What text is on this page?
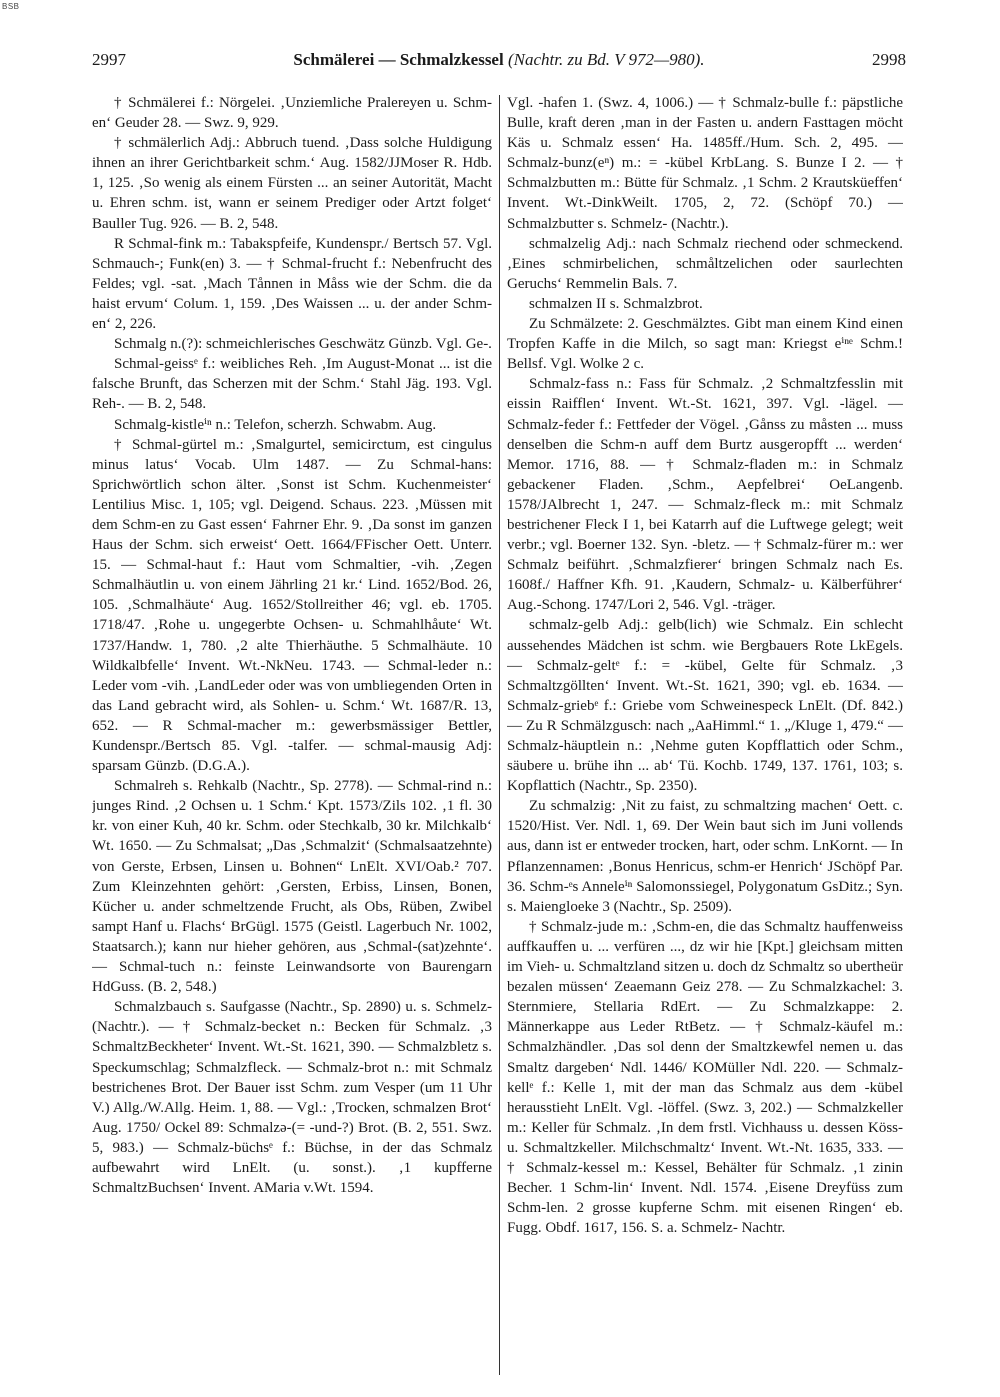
BSB
2997	Schmälerei — Schmalzkessel (Nachtr. zu Bd. V 972—980).	2998

† Schmälerei f.: Nörgelei. ‚Unziemliche Pralereyen u. Schm-en‘ Geuder 28. — Swz. 9, 929.

† schmälerlich Adj.: Abbruch tuend. ‚Dass solche Huldigung ihnen an ihrer Gerichtbarkeit schm.‘ Aug. 1582/JJMoser R. Hdb. 1, 125. ‚So wenig als einem Fürsten ... an seiner Autorität, Macht u. Ehren schm. ist, wann er seinem Prediger oder Artzt folget‘ Bauller Tug. 926. — B. 2, 548.

R Schmal-fink m.: Tabakspfeife, Kundenspr./ Bertsch 57. Vgl. Schmauch-; Funk(en) 3. — † Schmal-frucht f.: Nebenfrucht des Feldes; vgl. -sat. ‚Mach Tånnen in Måss wie der Schm. die da haist ervum‘ Colum. 1, 159. ‚Des Waissen ... u. der ander Schm-en‘ 2, 226.

Schmalg n.(?): schmeichlerisches Geschwätz Günzb. Vgl. Ge-.

Schmal-geissᵉ f.: weibliches Reh. ‚Im August-Monat ... ist die falsche Brunft, das Scherzen mit der Schm.‘ Stahl Jäg. 193. Vgl. Reh-. — B. 2, 548.

Schmalg-kistleⁱⁿ n.: Telefon, scherzh. Schwabm. Aug.

† Schmal-gürtel m.: ‚Smalgurtel, semicirctum, est cingulus minus latus‘ Vocab. Ulm 1487. — Zu Schmal-hans: Sprichwörtlich schon älter. ‚Sonst ist Schm. Kuchenmeister‘ Lentilius Misc. 1, 105; vgl. Deigend. Schaus. 223. ‚Müssen mit dem Schm-en zu Gast essen‘ Fahrner Ehr. 9. ‚Da sonst im ganzen Haus der Schm. sich erweist‘ Oett. 1664/FFischer Oett. Unterr. 15. — Schmal-haut f.: Haut vom Schmaltier, -vih. ‚Zegen Schmalhäutlin u. von einem Jährling 21 kr.‘ Lind. 1652/Bod. 26, 105. ‚Schmalhäute‘ Aug. 1652/Stollreither 46; vgl. eb. 1705. 1718/47. ‚Rohe u. ungegerbte Ochsen- u. Schmahlhåute‘ Wt. 1737/Handw. 1, 780. ‚2 alte Thierhäuthe. 5 Schmalhäute. 10 Wildkalbfelle‘ Invent. Wt.-NkNeu. 1743. — Schmal-leder n.: Leder vom -vih. ‚LandLeder oder was von umbliegenden Orten in das Land gebracht wird, als Sohlen- u. Schm.‘ Wt. 1687/R. 13, 652. — R Schmal-macher m.: gewerbsmässiger Bettler, Kundenspr./Bertsch 85. Vgl. -talfer. — schmal-mausig Adj: sparsam Günzb. (D.G.A.).

Schmalreh s. Rehkalb (Nachtr., Sp. 2778). — Schmal-rind n.: junges Rind. ‚2 Ochsen u. 1 Schm.‘ Kpt. 1573/Zils 102. ‚1 fl. 30 kr. von einer Kuh, 40 kr. Schm. oder Stechkalb, 30 kr. Milchkalb‘ Wt. 1650. — Zu Schmalsat; „Das ‚Schmalzit‘ (Schmalsaatzehnte) von Gerste, Erbsen, Linsen u. Bohnen“ LnElt. XVI/Oab.² 707. Zum Kleinzehnten gehört: ‚Gersten, Erbiss, Linsen, Bonen, Kücher u. ander schmeltzende Frucht, als Obs, Rüben, Zwibel sampt Hanf u. Flachs‘ BrGügl. 1575 (Geistl. Lagerbuch Nr. 1002, Staatsarch.); kann nur hieher gehören, aus ‚Schmal-(sat)zehnte‘. — Schmal-tuch n.: feinste Leinwandsorte von Baurengarn HdGuss. (B. 2, 548.)

Schmalzbauch s. Saufgasse (Nachtr., Sp. 2890) u. s. Schmelz- (Nachtr.). — † Schmalz-becket n.: Becken für Schmalz. ‚3 SchmaltzBeckheter‘ Invent. Wt.-St. 1621, 390. — Schmalzbletz s. Speckumschlag; Schmalzfleck. — Schmalz-brot n.: mit Schmalz bestrichenes Brot. Der Bauer isst Schm. zum Vesper (um 11 Uhr V.) Allg./W.Allg. Heim. 1, 88. — Vgl.: ‚Trocken, schmalzen Brot‘ Aug. 1750/ Ockel 89: Schmalzə-(= -und-?) Brot. (B. 2, 551. Swz. 5, 983.) — Schmalz-büchsᵉ f.: Büchse, in der das Schmalz aufbewahrt wird LnElt. (u. sonst.). ‚1 kupfferne SchmaltzBuchsen‘ Invent. AMaria v.Wt. 1594.

Vgl. -hafen 1. (Swz. 4, 1006.) — † Schmalz-bulle f.: päpstliche Bulle, kraft deren ‚man in der Fasten u. andern Fasttagen möcht Käs u. Schmalz essen‘ Ha. 1485ff./Hum. Sch. 2, 495. — Schmalz-bunz(eⁿ) m.: = -kübel KrbLang. S. Bunze I 2. — † Schmalzbutten m.: Bütte für Schmalz. ‚1 Schm. 2 Krautsküeffen‘ Invent. Wt.-DinkWeilt. 1705, 2, 72. (Schöpf 70.) — Schmalzbutter s. Schmelz- (Nachtr.).

schmalzelig Adj.: nach Schmalz riechend oder schmeckend. ‚Eines schmirbelichen, schmåltzelichen oder saurlechten Geruchs‘ Remmelin Bals. 7.

schmalzen II s. Schmalzbrot.

Zu Schmälzete: 2. Geschmälztes. Gibt man einem Kind einen Tropfen Kaffe in die Milch, so sagt man: Kriegst eⁱⁿᵉ Schm.! Bellsf. Vgl. Wolke 2 c.

Schmalz-fass n.: Fass für Schmalz. ‚2 Schmaltzfesslin mit eissin Raifflen‘ Invent. Wt.-St. 1621, 397. Vgl. -lägel. — Schmalz-feder f.: Fettfeder der Vögel. ‚Gånss zu måsten ... muss denselben die Schm-n auff dem Burtz ausgeropfft ... werden‘ Memor. 1716, 88. — † Schmalz-fladen m.: in Schmalz gebackener Fladen. ‚Schm., Aepfelbrei‘ OeLangenb. 1578/JAlbrecht 1, 247. — Schmalz-fleck m.: mit Schmalz bestrichener Fleck I 1, bei Katarrh auf die Luftwege gelegt; weit verbr.; vgl. Boerner 132. Syn. -bletz. — † Schmalz-fürer m.: wer Schmalz beiführt. ‚Schmalzfierer‘ bringen Schmalz nach Es. 1608f./ Haffner Kfh. 91. ‚Kaudern, Schmalz- u. Kälberführer‘ Aug.-Schong. 1747/Lori 2, 546. Vgl. -träger.

schmalz-gelb Adj.: gelb(lich) wie Schmalz. Ein schlecht aussehendes Mädchen ist schm. wie Bergbauers Rote LkEgels. — Schmalz-geltᵉ f.: = -kübel, Gelte für Schmalz. ‚3 Schmaltzgöllten‘ Invent. Wt.-St. 1621, 390; vgl. eb. 1634. — Schmalz-griebᵉ f.: Griebe vom Schweinespeck LnElt. (Df. 842.) — Zu R Schmälzgusch: nach „AaHimml.“ 1. „/Kluge 1, 479.“ — Schmalz-häuptlein n.: ‚Nehme guten Kopfflattich oder Schm., säubere u. brühe ihn ... ab‘ Tü. Kochb. 1749, 137. 1761, 103; s. Kopflattich (Nachtr., Sp. 2350).

Zu schmalzig: ‚Nit zu faist, zu schmaltzing machen‘ Oett. c. 1520/Hist. Ver. Ndl. 1, 69. Der Wein baut sich im Juni vollends aus, dann ist er entweder trocken, hart, oder schm. LnKornt. — In Pflanzennamen: ‚Bonus Henricus, schm-er Henrich‘ JSchöpf Par. 36. Schm-ᵉs Anneleⁱⁿ Salomonssiegel, Polygonatum GsDitz.; Syn. s. Maiengloeke 3 (Nachtr., Sp. 2509).

† Schmalz-jude m.: ‚Schm-en, die das Schmaltz hauffenweiss auffkauffen u. ... verfüren ..., dz wir hie [Kpt.] gleichsam mitten im Vieh- u. Schmaltzland sitzen u. doch dz Schmaltz so ubertheür bezalen müssen‘ Zeaemann Geiz 278. — Zu Schmalzkachel: 3. Sternmiere, Stellaria RdErt. — Zu Schmalzkappe: 2. Männerkappe aus Leder RtBetz. — † Schmalz-käufel m.: Schmalzhändler. ‚Das sol denn der Smaltzkewfel nemen u. das Smaltz dargeben‘ Ndl. 1446/ KOMüller Ndl. 220. — Schmalz-kellᵉ f.: Kelle 1, mit der man das Schmalz aus dem -kübel herausstieht LnElt. Vgl. -löffel. (Swz. 3, 202.) — Schmalzkeller m.: Keller für Schmalz. ‚In dem frstl. Vichhauss u. dessen Köss- u. Schmaltzkeller. Milchschmaltz‘ Invent. Wt.-Nt. 1635, 333. — † Schmalz-kessel m.: Kessel, Behälter für Schmalz. ‚1 zinin Becher. 1 Schm-lin‘ Invent. Ndl. 1574. ‚Eisene Dreyfüss zum Schm-len. 2 grosse kupferne Schm. mit eisenen Ringen‘ eb. Fugg. Obdf. 1617, 156. S. a. Schmelz- Nachtr.
